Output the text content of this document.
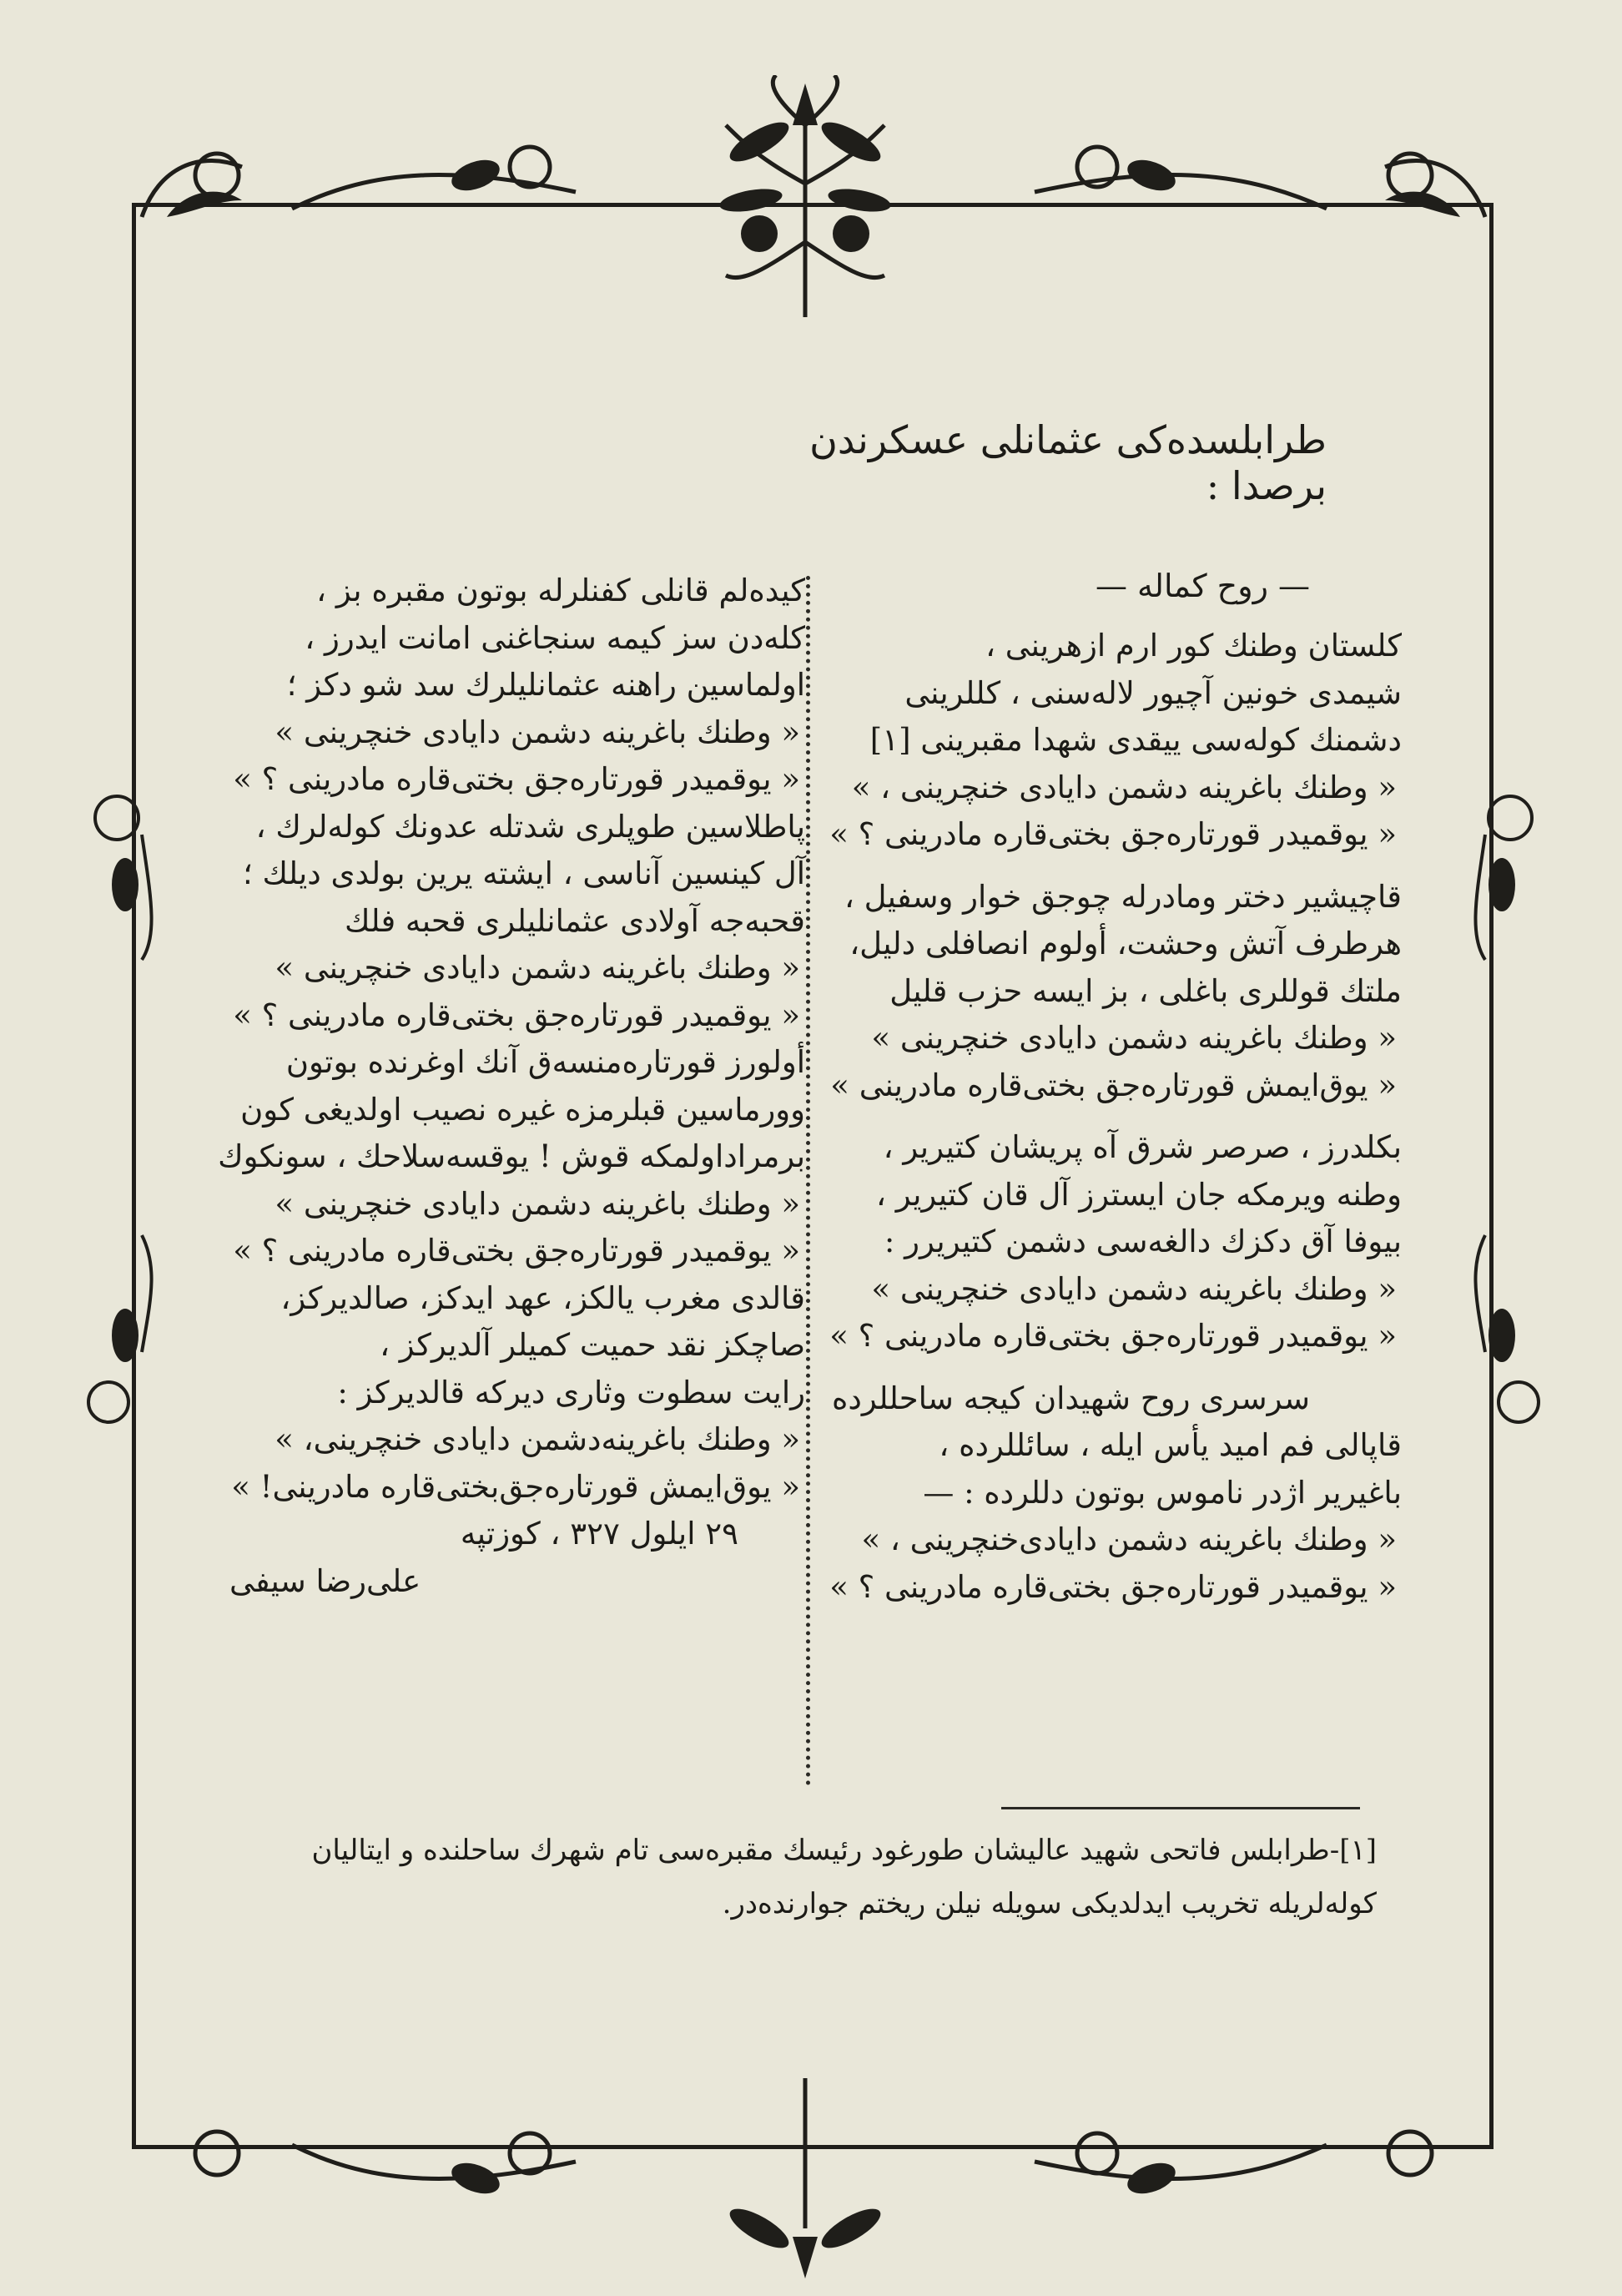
طرابلسده‌کی عثمانلی عسکرندن برصدا :
— روح کماله —
کلستان وطنك کور ارم ازهرینی ،
شیمدی خونین آچیور لاله‌سنی ، کللرینی
دشمنك کوله‌سی ییقدی شهدا مقبرینی [١]
« وطنك باغرینه دشمن دایادی خنچرینی ، »
« یوقمیدر قورتاره‌جق بختی‌قاره مادرینی ؟ »
قاچیشیر دختر ومادرله چوجق خوار وسفیل ،
هرطرف آتش وحشت، أولوم انصافلی دلیل،
ملتك قوللری باغلی ، بز ایسه حزب قلیل
« وطنك باغرینه دشمن دایادی خنچرینی »
« یوق‌ایمش قورتاره‌جق بختی‌قاره مادرینی »
بکلدرز ، صرصر شرق آه پریشان کتیریر ،
وطنه ویرمکه جان ایسترز آل قان کتیریر ،
بیوفا آق دکزك دالغه‌سی دشمن کتیریرر :
« وطنك باغرینه دشمن دایادی خنچرینی »
« یوقمیدر قورتاره‌جق بختی‌قاره مادرینی ؟ »
سرسری روح شهیدان کیجه ساحللرده
قاپالی فم امید یأس ایله ، سائللرده ،
باغیریر اژدر ناموس بوتون دللرده : —
« وطنك باغرینه دشمن دایادی‌خنچرینی ، »
« یوقمیدر قورتاره‌جق بختی‌قاره مادرینی ؟ »
کیده‌لم قانلی کفنلرله بوتون مقبره بز ،
کله‌دن سز کیمه سنجاغنی امانت ایدرز ،
اولماسین راهنه عثمانلیلرك سد شو دکز ؛
« وطنك باغرینه دشمن دایادی خنچرینی »
« یوقمیدر قورتاره‌جق بختی‌قاره مادرینی ؟ »
پاطلاسین طوپلری شدتله عدونك کوله‌لرك ،
آل کینسین آناسی ، ایشته یرین بولدی دیلك ؛
قحبه‌جه آولادی عثمانلیلری قحبه فلك
« وطنك باغرینه دشمن دایادی خنچرینی »
« یوقمیدر قورتاره‌جق بختی‌قاره مادرینی ؟ »
أولورز قورتاره‌منسه‌ق آنك اوغرنده بوتون
وورماسین قبلرمزه غیره نصیب اولدیغی کون
برمراداولمکه قوش ! یوقسه‌سلاحك ، سونکوك
« وطنك باغرینه دشمن دایادی خنچرینی »
« یوقمیدر قورتاره‌جق بختی‌قاره مادرینی ؟ »
قالدی مغرب یالکز، عهد ایدکز، صالدیرکز،
صاچکز نقد حمیت کمیلر آلدیرکز ،
رایت سطوت وثاری دیرکه قالدیرکز :
« وطنك باغرینه‌دشمن دایادی خنچرینی، »
« یوق‌ایمش قورتاره‌جق‌بختی‌قاره مادرینی! »
٢٩ ایلول ٣٢٧ ، کوزتپه
علی‌رضا سیفی
[١]-طرابلس فاتحی شهید عالیشان طورغود رئیسك مقبره‌سی تام شهرك ساحلنده و ایتالیان
کوله‌لریله تخریب ایدلدیکی سویله نیلن ریختم جوارنده‌در.
